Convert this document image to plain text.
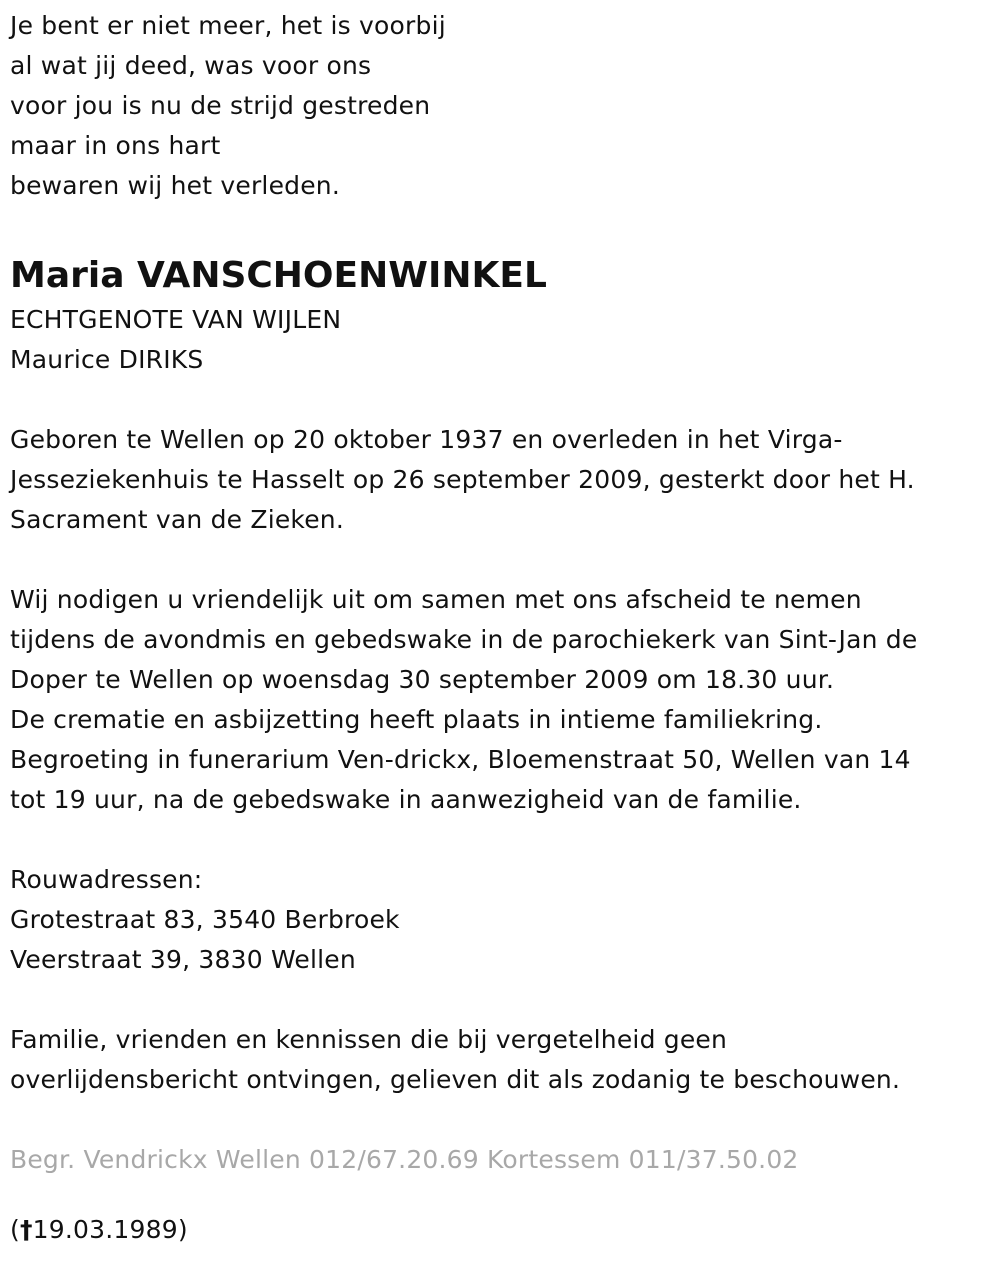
Je bent er niet meer, het is voorbij
al wat jij deed, was voor ons
voor jou is nu de strijd gestreden
maar in ons hart
bewaren wij het verleden.
Maria VANSCHOENWINKEL
ECHTGENOTE VAN WIJLEN
Maurice DIRIKS
Geboren te Wellen op 20 oktober 1937 en overleden in het Virga-
Jesseziekenhuis te Hasselt op 26 september 2009, gesterkt door het H.
Sacrament van de Zieken.
Wij nodigen u vriendelijk uit om samen met ons afscheid te nemen
tijdens de avondmis en gebedswake in de parochiekerk van Sint-Jan de
Doper te Wellen op woensdag 30 september 2009 om 18.30 uur.
De crematie en asbijzetting heeft plaats in intieme familiekring.
Begroeting in funerarium Ven-drickx, Bloemenstraat 50, Wellen van 14
tot 19 uur, na de gebedswake in aanwezigheid van de familie.
Rouwadressen:
Grotestraat 83, 3540 Berbroek
Veerstraat 39, 3830 Wellen
Familie, vrienden en kennissen die bij vergetelheid geen
overlijdensbericht ontvingen, gelieven dit als zodanig te beschouwen.
Begr. Vendrickx Wellen 012/67.20.69 Kortessem 011/37.50.02
(†19.03.1989)
